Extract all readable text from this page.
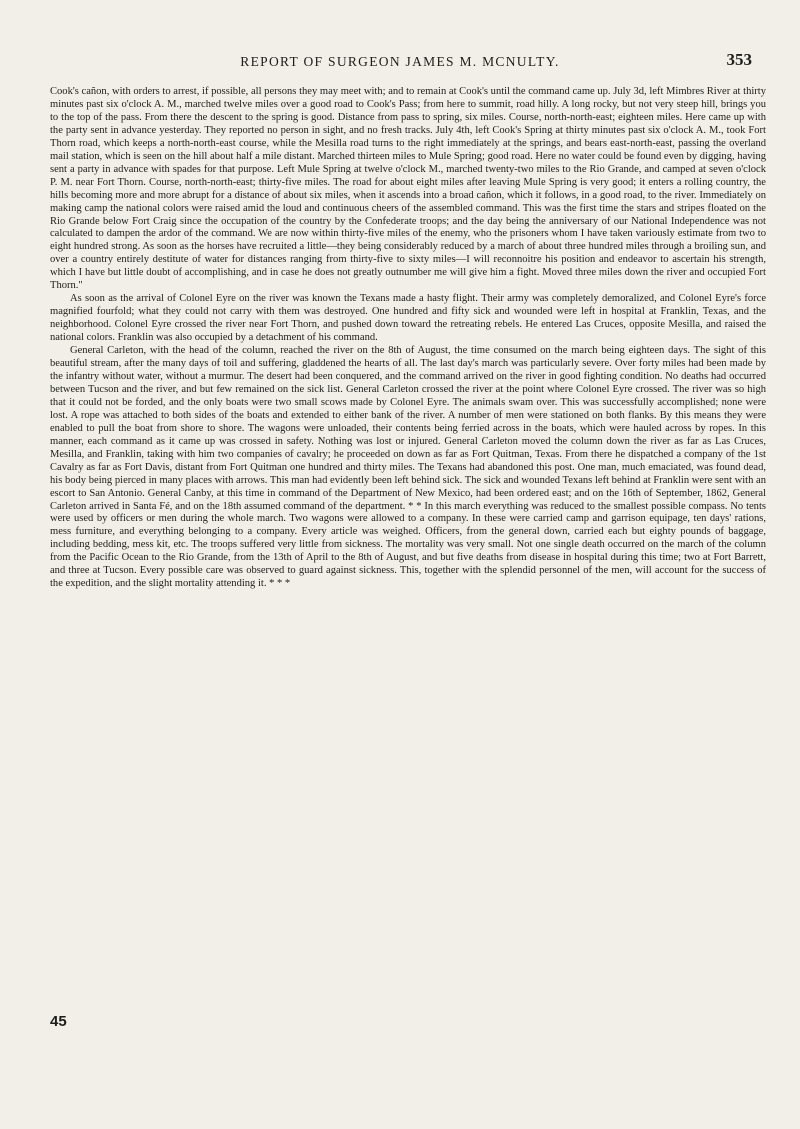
REPORT OF SURGEON JAMES M. MCNULTY.	353

Cook's cañon, with orders to arrest, if possible, all persons they may meet with; and to remain at Cook's until the command came up. July 3d, left Mimbres River at thirty minutes past six o'clock A. M., marched twelve miles over a good road to Cook's Pass; from here to summit, road hilly. A long rocky, but not very steep hill, brings you to the top of the pass. From there the descent to the spring is good. Distance from pass to spring, six miles. Course, north-north-east; eighteen miles. Here came up with the party sent in advance yesterday. They reported no person in sight, and no fresh tracks. July 4th, left Cook's Spring at thirty minutes past six o'clock A. M., took Fort Thorn road, which keeps a north-north-east course, while the Mesilla road turns to the right immediately at the springs, and bears east-north-east, passing the overland mail station, which is seen on the hill about half a mile distant. Marched thirteen miles to Mule Spring; good road. Here no water could be found even by digging, having sent a party in advance with spades for that purpose. Left Mule Spring at twelve o'clock M., marched twenty-two miles to the Rio Grande, and camped at seven o'clock P. M. near Fort Thorn. Course, north-north-east; thirty-five miles. The road for about eight miles after leaving Mule Spring is very good; it enters a rolling country, the hills becoming more and more abrupt for a distance of about six miles, when it ascends into a broad cañon, which it follows, in a good road, to the river. Immediately on making camp the national colors were raised amid the loud and continuous cheers of the assembled command. This was the first time the stars and stripes floated on the Rio Grande below Fort Craig since the occupation of the country by the Confederate troops; and the day being the anniversary of our National Independence was not calculated to dampen the ardor of the command. We are now within thirty-five miles of the enemy, who the prisoners whom I have taken variously estimate from two to eight hundred strong. As soon as the horses have recruited a little—they being considerably reduced by a march of about three hundred miles through a broiling sun, and over a country entirely destitute of water for distances ranging from thirty-five to sixty miles—I will reconnoitre his position and endeavor to ascertain his strength, which I have but little doubt of accomplishing, and in case he does not greatly outnumber me will give him a fight. Moved three miles down the river and occupied Fort Thorn."

As soon as the arrival of Colonel Eyre on the river was known the Texans made a hasty flight. Their army was completely demoralized, and Colonel Eyre's force magnified fourfold; what they could not carry with them was destroyed. One hundred and fifty sick and wounded were left in hospital at Franklin, Texas, and the neighborhood. Colonel Eyre crossed the river near Fort Thorn, and pushed down toward the retreating rebels. He entered Las Cruces, opposite Mesilla, and raised the national colors. Franklin was also occupied by a detachment of his command.

General Carleton, with the head of the column, reached the river on the 8th of August, the time consumed on the march being eighteen days. The sight of this beautiful stream, after the many days of toil and suffering, gladdened the hearts of all. The last day's march was particularly severe. Over forty miles had been made by the infantry without water, without a murmur. The desert had been conquered, and the command arrived on the river in good fighting condition. No deaths had occurred between Tucson and the river, and but few remained on the sick list. General Carleton crossed the river at the point where Colonel Eyre crossed. The river was so high that it could not be forded, and the only boats were two small scows made by Colonel Eyre. The animals swam over. This was successfully accomplished; none were lost. A rope was attached to both sides of the boats and extended to either bank of the river. A number of men were stationed on both flanks. By this means they were enabled to pull the boat from shore to shore. The wagons were unloaded, their contents being ferried across in the boats, which were hauled across by ropes. In this manner, each command as it came up was crossed in safety. Nothing was lost or injured. General Carleton moved the column down the river as far as Las Cruces, Mesilla, and Franklin, taking with him two companies of cavalry; he proceeded on down as far as Fort Quitman, Texas. From there he dispatched a company of the 1st Cavalry as far as Fort Davis, distant from Fort Quitman one hundred and thirty miles. The Texans had abandoned this post. One man, much emaciated, was found dead, his body being pierced in many places with arrows. This man had evidently been left behind sick. The sick and wounded Texans left behind at Franklin were sent with an escort to San Antonio. General Canby, at this time in command of the Department of New Mexico, had been ordered east; and on the 16th of September, 1862, General Carleton arrived in Santa Fé, and on the 18th assumed command of the department. * * In this march everything was reduced to the smallest possible compass. No tents were used by officers or men during the whole march. Two wagons were allowed to a company. In these were carried camp and garrison equipage, ten days' rations, mess furniture, and everything belonging to a company. Every article was weighed. Officers, from the general down, carried each but eighty pounds of baggage, including bedding, mess kit, etc. The troops suffered very little from sickness. The mortality was very small. Not one single death occurred on the march of the column from the Pacific Ocean to the Rio Grande, from the 13th of April to the 8th of August, and but five deaths from disease in hospital during this time; two at Fort Barrett, and three at Tucson. Every possible care was observed to guard against sickness. This, together with the splendid personnel of the men, will account for the success of the expedition, and the slight mortality attending it. * * *

45
